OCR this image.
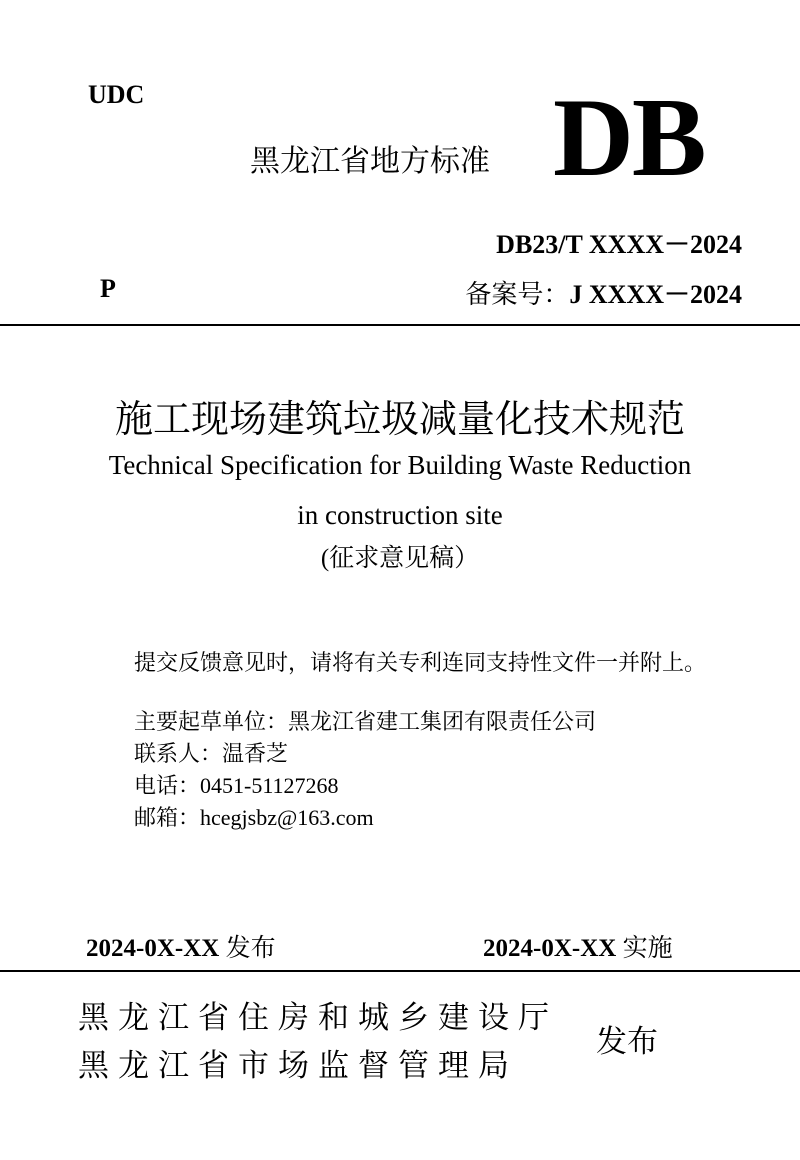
UDC
黑龙江省地方标准 DB
DB23/T XXXX－2024
P	备案号：J XXXX－2024
施工现场建筑垃圾减量化技术规范
Technical Specification for Building Waste Reduction
in construction site
(征求意见稿）
提交反馈意见时，请将有关专利连同支持性文件一并附上。
主要起草单位：黑龙江省建工集团有限责任公司
联系人：温香芝
电话：0451-51127268
邮箱：hcegjsbz@163.com
2024-0X-XX 发布	2024-0X-XX 实施
黑龙江省住房和城乡建设厅
黑龙江省市场监督管理局
发布
